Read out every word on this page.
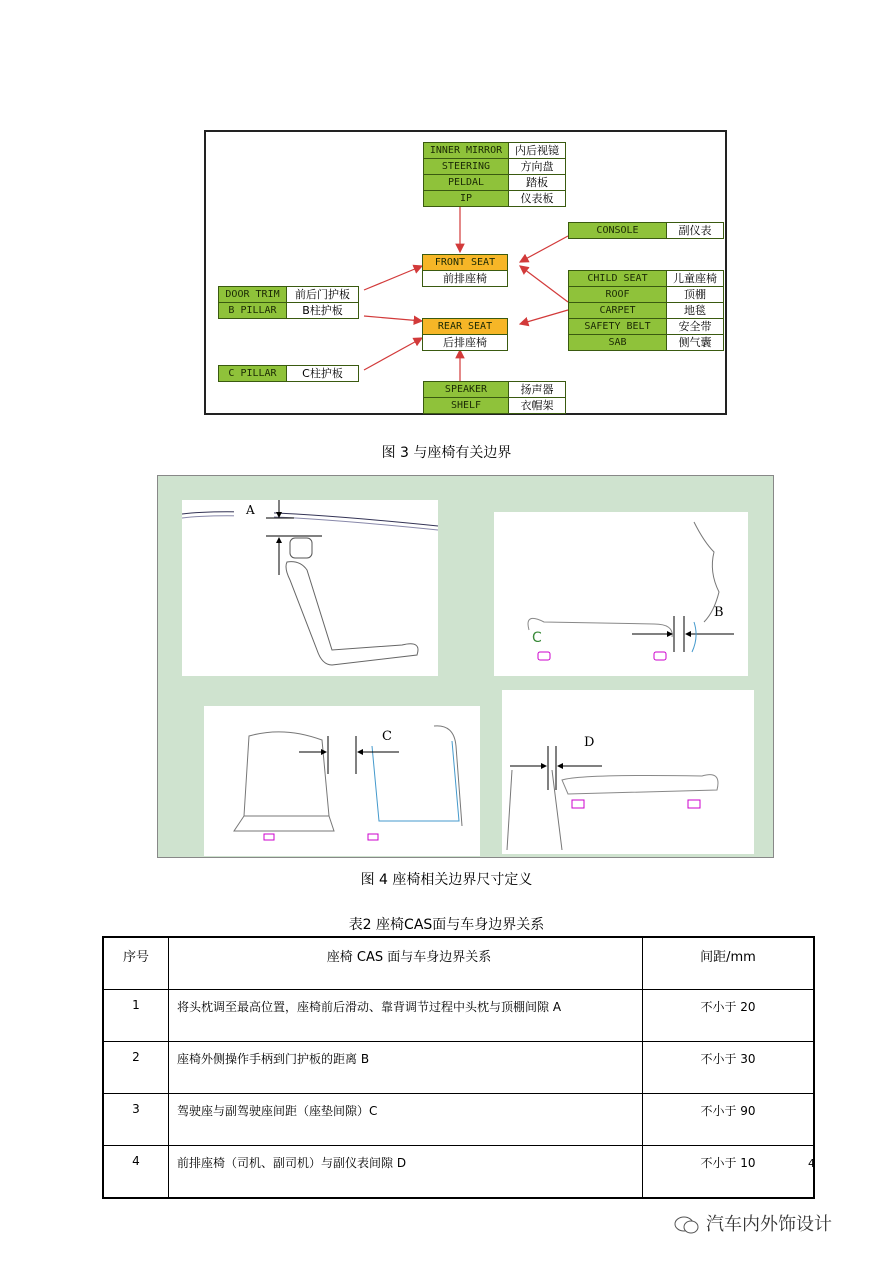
INNER MIRROR	内后视镜
STEERING	方向盘
PELDAL	踏板
IP	仪表板
CONSOLE	副仪表
FRONT SEAT
前排座椅
DOOR TRIM	前后门护板
B PILLAR	B柱护板
CHILD SEAT	儿童座椅
ROOF	顶棚
CARPET	地毯
SAFETY BELT	安全带
SAB	侧气囊
REAR SEAT
后排座椅
C PILLAR	C柱护板
SPEAKER	扬声器
SHELF	衣帽架
图 3 与座椅有关边界
A
C
B
C	D
图 4 座椅相关边界尺寸定义
表2 座椅CAS面与车身边界关系
序号	座椅 CAS 面与车身边界关系	间距/mm
1	将头枕调至最高位置，座椅前后滑动、靠背调节过程中头枕与顶棚间隙 A	不小于 20
2	座椅外侧操作手柄到门护板的距离 B	不小于 30
3	驾驶座与副驾驶座间距（座垫间隙）C	不小于 90
4	前排座椅（司机、副司机）与副仪表间隙 D	不小于 10	4
汽车内外饰设计
